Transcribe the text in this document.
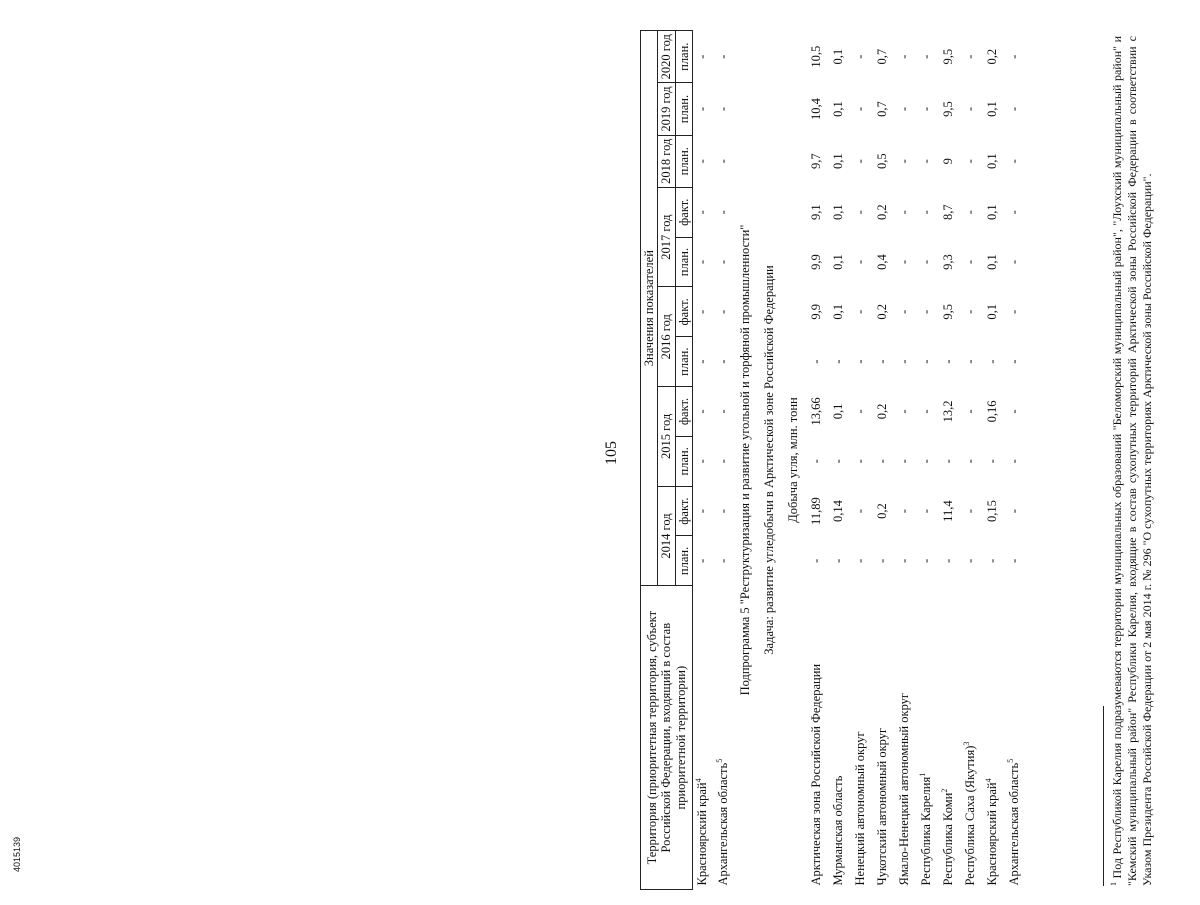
105
4015139	Территория (приоритетная территория, субъект Российской Федерации, входящий в состав приоритетной территории)	Значения показателей										
	2014 год		2015 год		2016 год		2017 год		2018 год	2019 год	2020 год
	план.	факт.	план.	факт.	план.	факт.	план.	факт.	план.	план.	план.
Красноярский край$^4$	-	-	-	-	-	-	-	-	-	-	-
Архангельская область$^5$	-	-	-	-	-	-	-	-	-	-	-
Подпрограмма 5 "Реструктуризация и развитие угольной и торфяной промышленности"											
Задача: развитие угледобычи в Арктической зоне Российской Федерации											
Добыча угля, млн. тонн											
Арктическая зона Российской Федерации	-	11,89	-	13,66	-	9,9	9,9	9,1	9,7	10,4	10,5
Мурманская область	-	0,14	-	0,1	-	0,1	0,1	0,1	0,1	0,1	0,1
Ненецкий автономный округ	-	-	-	-	-	-	-	-	-	-	-
Чукотский автономный округ	-	0,2	-	0,2	-	0,2	0,4	0,2	0,5	0,7	0,7
Ямало-Ненецкий автономный округ	-	-	-	-	-	-	-	-	-	-	-
Республика Карелия$^1$	-	-	-	-	-	-	-	-	-	-	-
Республика Коми$^2$	-	11,4	-	13,2	-	9,5	9,3	8,7	9	9,5	9,5
Республика Саха (Якутия)$^3$	-	-	-	-	-	-	-	-	-	-	-
Красноярский край$^4$	-	0,15	-	0,16	-	0,1	0,1	0,1	0,1	0,1	0,2
Архангельская область$^5$	-	-	-	-	-	-	-	-	-	-	-
$^1$ Под Республикой Карелия подразумеваются территории муниципальных образований "Беломорский муниципальный район", "Лоухский муниципальный район" и "Кемский муниципальный район" Республики Карелия, входящие в состав сухопутных территорий Арктической зоны Российской Федерации в соответствии с Указом Президента Российской Федерации от 2 мая 2014 г. № 296 "О сухопутных территориях Арктической зоны Российской Федерации".
